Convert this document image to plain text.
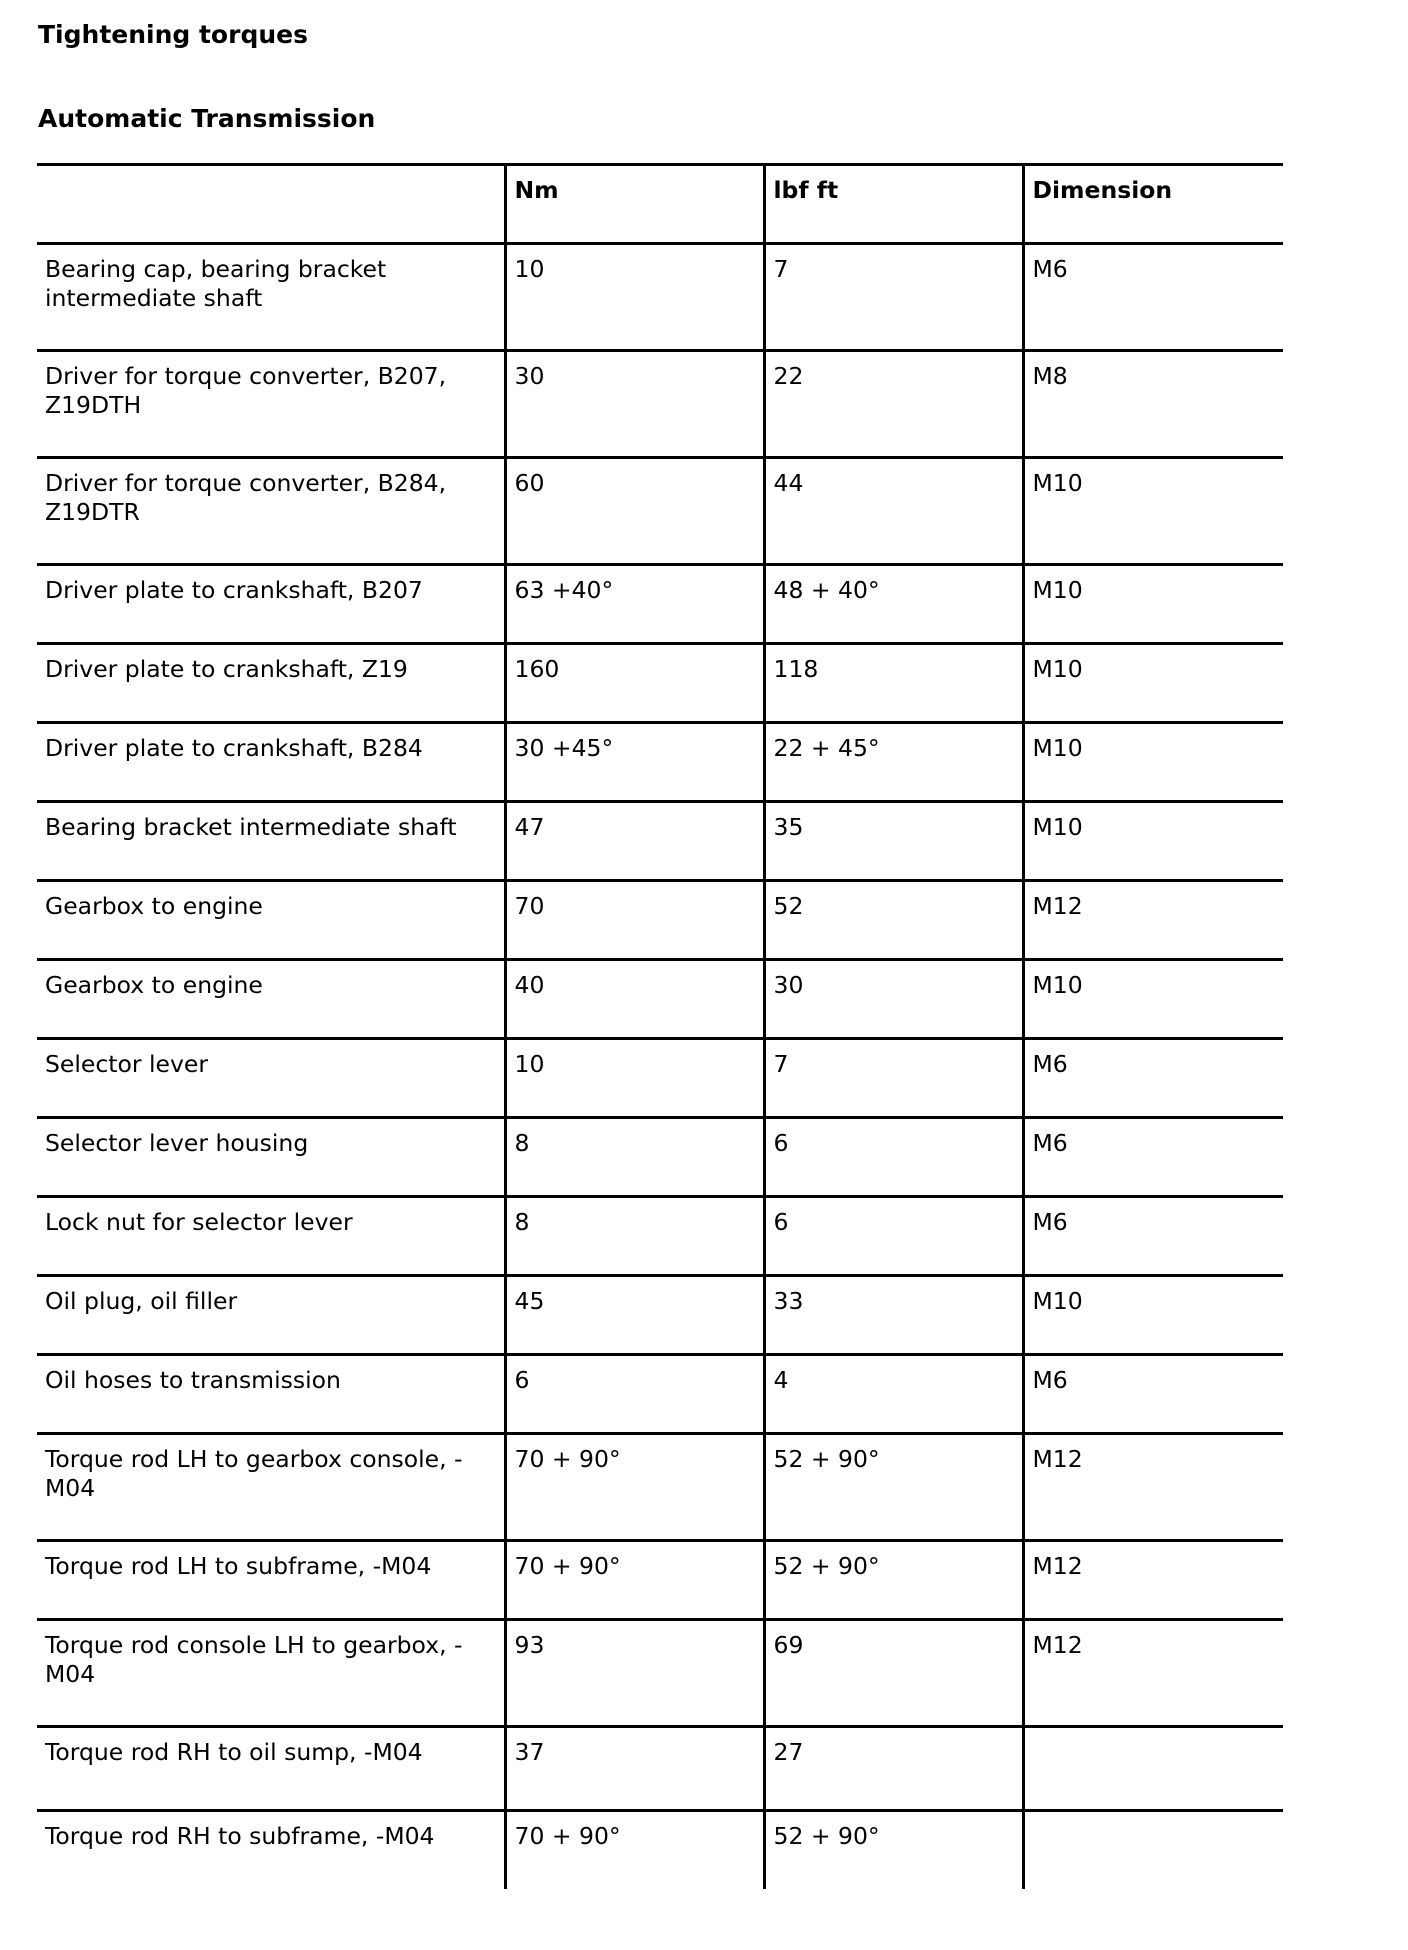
Tightening torques
Automatic Transmission
	Nm	lbf ft	Dimension
Bearing cap, bearing bracket intermediate shaft	10	7	M6
Driver for torque converter, B207, Z19DTH	30	22	M8
Driver for torque converter, B284, Z19DTR	60	44	M10
Driver plate to crankshaft, B207	63 +40°	48 + 40°	M10
Driver plate to crankshaft, Z19	160	118	M10
Driver plate to crankshaft, B284	30 +45°	22 + 45°	M10
Bearing bracket intermediate shaft	47	35	M10
Gearbox to engine	70	52	M12
Gearbox to engine	40	30	M10
Selector lever	10	7	M6
Selector lever housing	8	6	M6
Lock nut for selector lever	8	6	M6
Oil plug, oil filler	45	33	M10
Oil hoses to transmission	6	4	M6
Torque rod LH to gearbox console, -M04	70 + 90°	52 + 90°	M12
Torque rod LH to subframe, -M04	70 + 90°	52 + 90°	M12
Torque rod console LH to gearbox, -M04	93	69	M12
Torque rod RH to oil sump, -M04	37	27	
Torque rod RH to subframe, -M04	70 + 90°	52 + 90°	
